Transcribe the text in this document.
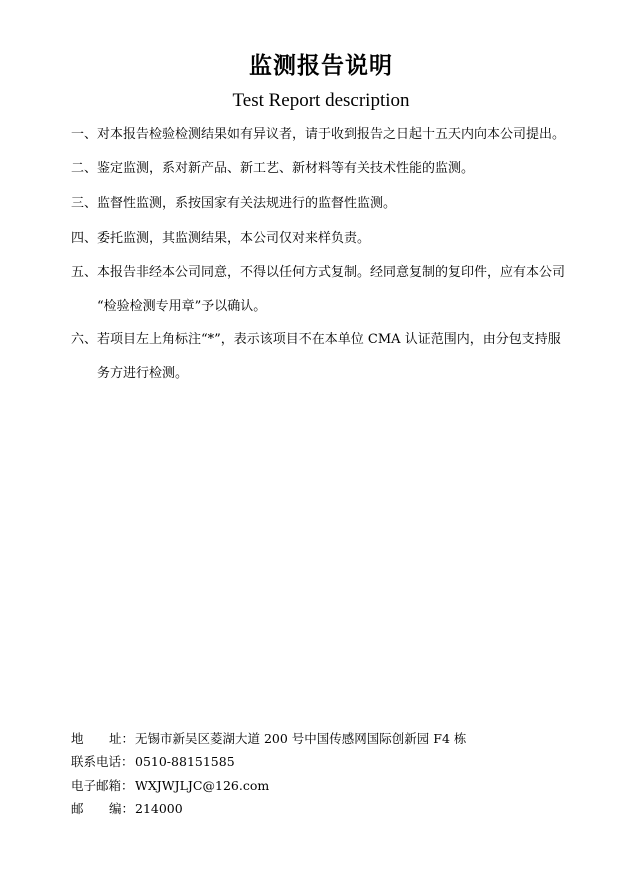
监测报告说明
Test Report description
一、对本报告检验检测结果如有异议者，请于收到报告之日起十五天内向本公司提出。
二、鉴定监测，系对新产品、新工艺、新材料等有关技术性能的监测。
三、监督性监测，系按国家有关法规进行的监督性监测。
四、委托监测，其监测结果，本公司仅对来样负责。
五、本报告非经本公司同意，不得以任何方式复制。经同意复制的复印件，应有本公司
“检验检测专用章”予以确认。
六、若项目左上角标注“*”，表示该项目不在本单位 CMA 认证范围内，由分包支持服
务方进行检测。
地 址：无锡市新吴区菱湖大道 200 号中国传感网国际创新园 F4 栋
联系电话：0510-88151585
电子邮箱：WXJWJLJC@126.com
邮 编：214000
